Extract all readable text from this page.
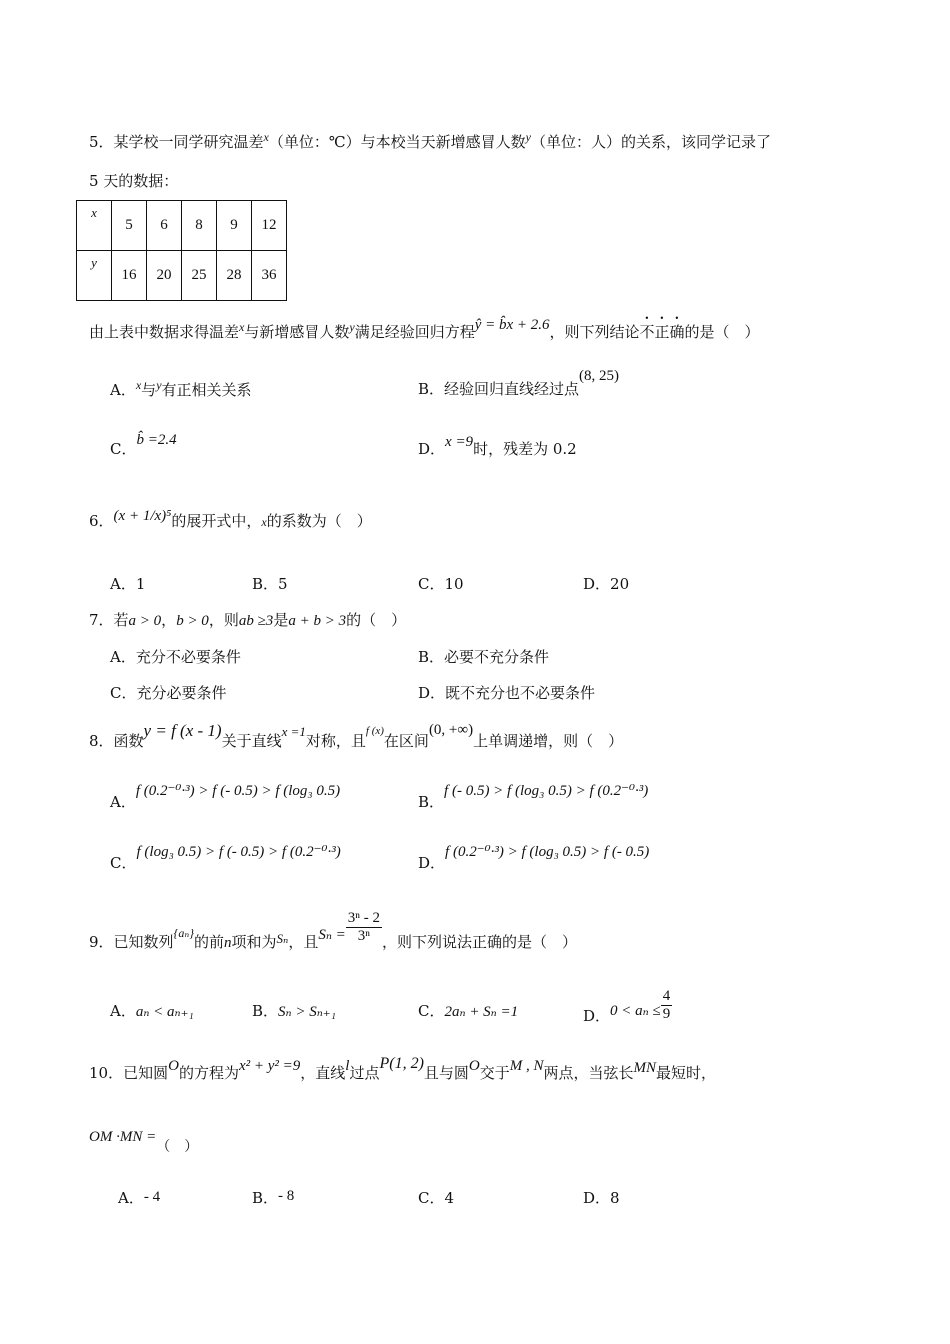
5．某学校一同学研究温差$^x$（单位：℃）与本校当天新增感冒人数$^y$（单位：人）的关系，该同学记录了
5 天的数据：
x	5	6	8	9	12
y	16	20	25	28	36
由上表中数据求得温差$^x$与新增感冒人数$^y$满足经验回归方程ŷ = b̂x + 2.6，则下列结论不正确的是（　）
A．$^x$与$^y$有正相关关系	B．经验回归直线经过点(8, 25)
C．b̂ =2.4	D．x =9时，残差为 0.2
6．(x + 1/x)⁵的展开式中，x的系数为（　）
A．1	B．5	C．10	D．20
7．若a > 0，b > 0，则ab ≥3是a + b > 3的（　）
A．充分不必要条件	B．必要不充分条件
C．充分必要条件	D．既不充分也不必要条件
8．函数y = f (x - 1)关于直线x =1对称，且$^{f (x)}$在区间(0, +∞)上单调递增，则（　）
A．f (0.2⁻⁰·³) > f (- 0.5) > f (log₃ 0.5)
B．f (- 0.5) > f (log₃ 0.5) > f (0.2⁻⁰·³)
C．f (log₃ 0.5) > f (- 0.5) > f (0.2⁻⁰·³)
D．f (0.2⁻⁰·³) > f (log₃ 0.5) > f (- 0.5)
9．已知数列$_{\{a_n\}}$的前n项和为Sₙ，且$S_n = \frac{\text{3ⁿ - 2}}{\text{3ⁿ}}$ ，则下列说法正确的是（　）
A．aₙ < aₙ₊₁	B．Sₙ > Sₙ₊₁	C．2aₙ + Sₙ =1	D．$0 < a_n \le \frac{4}{9}$
10．已知圆O的方程为x² + y² =9，直线l过点P(1, 2)且与圆O交于M , N两点，当弦长MN最短时，
OM ·MN =（　）
A．- 4	B．- 8	C．4	D．8
